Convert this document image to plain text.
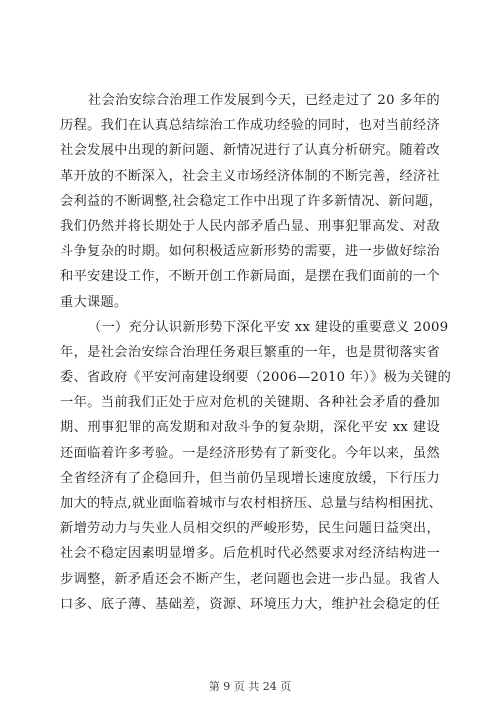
社会治安综合治理工作发展到今天，已经走过了 20 多年的
历程。我们在认真总结综治工作成功经验的同时，也对当前经济
社会发展中出现的新问题、新情况进行了认真分析研究。随着改
革开放的不断深入，社会主义市场经济体制的不断完善，经济社
会利益的不断调整,社会稳定工作中出现了许多新情况、新问题，
我们仍然并将长期处于人民内部矛盾凸显、刑事犯罪高发、对敌
斗争复杂的时期。如何积极适应新形势的需要，进一步做好综治
和平安建设工作，不断开创工作新局面，是摆在我们面前的一个
重大课题。
（一）充分认识新形势下深化平安 xx 建设的重要意义 2009
年，是社会治安综合治理任务艰巨繁重的一年，也是贯彻落实省
委、省政府《平安河南建设纲要（2006—2010 年）》极为关键的
一年。当前我们正处于应对危机的关键期、各种社会矛盾的叠加
期、刑事犯罪的高发期和对敌斗争的复杂期，深化平安 xx 建设
还面临着许多考验。一是经济形势有了新变化。今年以来，虽然
全省经济有了企稳回升，但当前仍呈现增长速度放缓，下行压力
加大的特点,就业面临着城市与农村相挤压、总量与结构相困扰、
新增劳动力与失业人员相交织的严峻形势，民生问题日益突出，
社会不稳定因素明显增多。后危机时代必然要求对经济结构进一
步调整，新矛盾还会不断产生，老问题也会进一步凸显。我省人
口多、底子薄、基础差，资源、环境压力大，维护社会稳定的任
第 9 页 共 24 页
